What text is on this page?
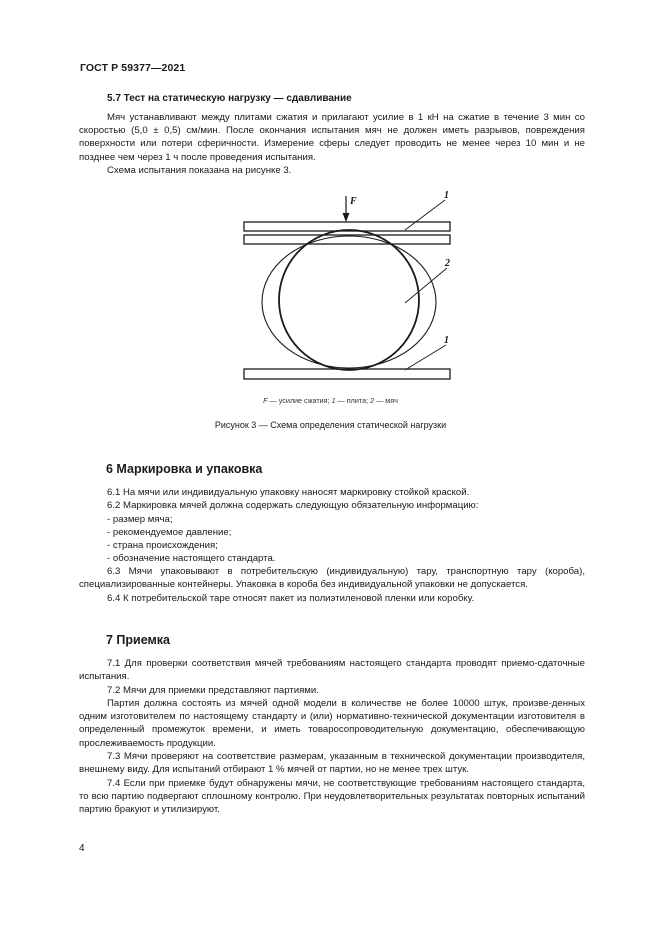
ГОСТ Р 59377—2021
5.7 Тест на статическую нагрузку — сдавливание

Мяч устанавливают между плитами сжатия и прилагают усилие в 1 кН на сжатие в течение 3 мин со скоростью (5,0 ± 0,5) см/мин. После окончания испытания мяч не должен иметь разрывов, повреждения поверхности или потери сферичности. Измерение сферы следует проводить не менее через 10 мин и не позднее чем через 1 ч после проведения испытания.

Схема испытания показана на рисунке 3.
F
1
2
1
F — усилие сжатия; 1 — плита; 2 — мяч
Рисунок 3 — Схема определения статической нагрузки
6 Маркировка и упаковка
6.1 На мячи или индивидуальную упаковку наносят маркировку стойкой краской.
6.2 Маркировка мячей должна содержать следующую обязательную информацию:
- размер мяча;
- рекомендуемое давление;
- страна происхождения;
- обозначение настоящего стандарта.

6.3 Мячи упаковывают в потребительскую (индивидуальную) тару, транспортную тару (короба), специализированные контейнеры. Упаковка в короба без индивидуальной упаковки не допускается.

6.4 К потребительской таре относят пакет из полиэтиленовой пленки или коробку.
7 Приемка

7.1 Для проверки соответствия мячей требованиям настоящего стандарта проводят приемо-сдаточные испытания.

7.2 Мячи для приемки представляют партиями.

Партия должна состоять из мячей одной модели в количестве не более 10000 штук, произве-денных одним изготовителем по настоящему стандарту и (или) нормативно-технической документации изготовителя в определенный промежуток времени, и иметь товаросопроводительную документацию, обеспечивающую прослеживаемость продукции.

7.3 Мячи проверяют на соответствие размерам, указанным в технической документации производителя, внешнему виду. Для испытаний отбирают 1 % мячей от партии, но не менее трех штук.

7.4 Если при приемке будут обнаружены мячи, не соответствующие требованиям настоящего стандарта, то всю партию подвергают сплошному контролю. При неудовлетворительных результатах повторных испытаний партию бракуют и утилизируют.

4
